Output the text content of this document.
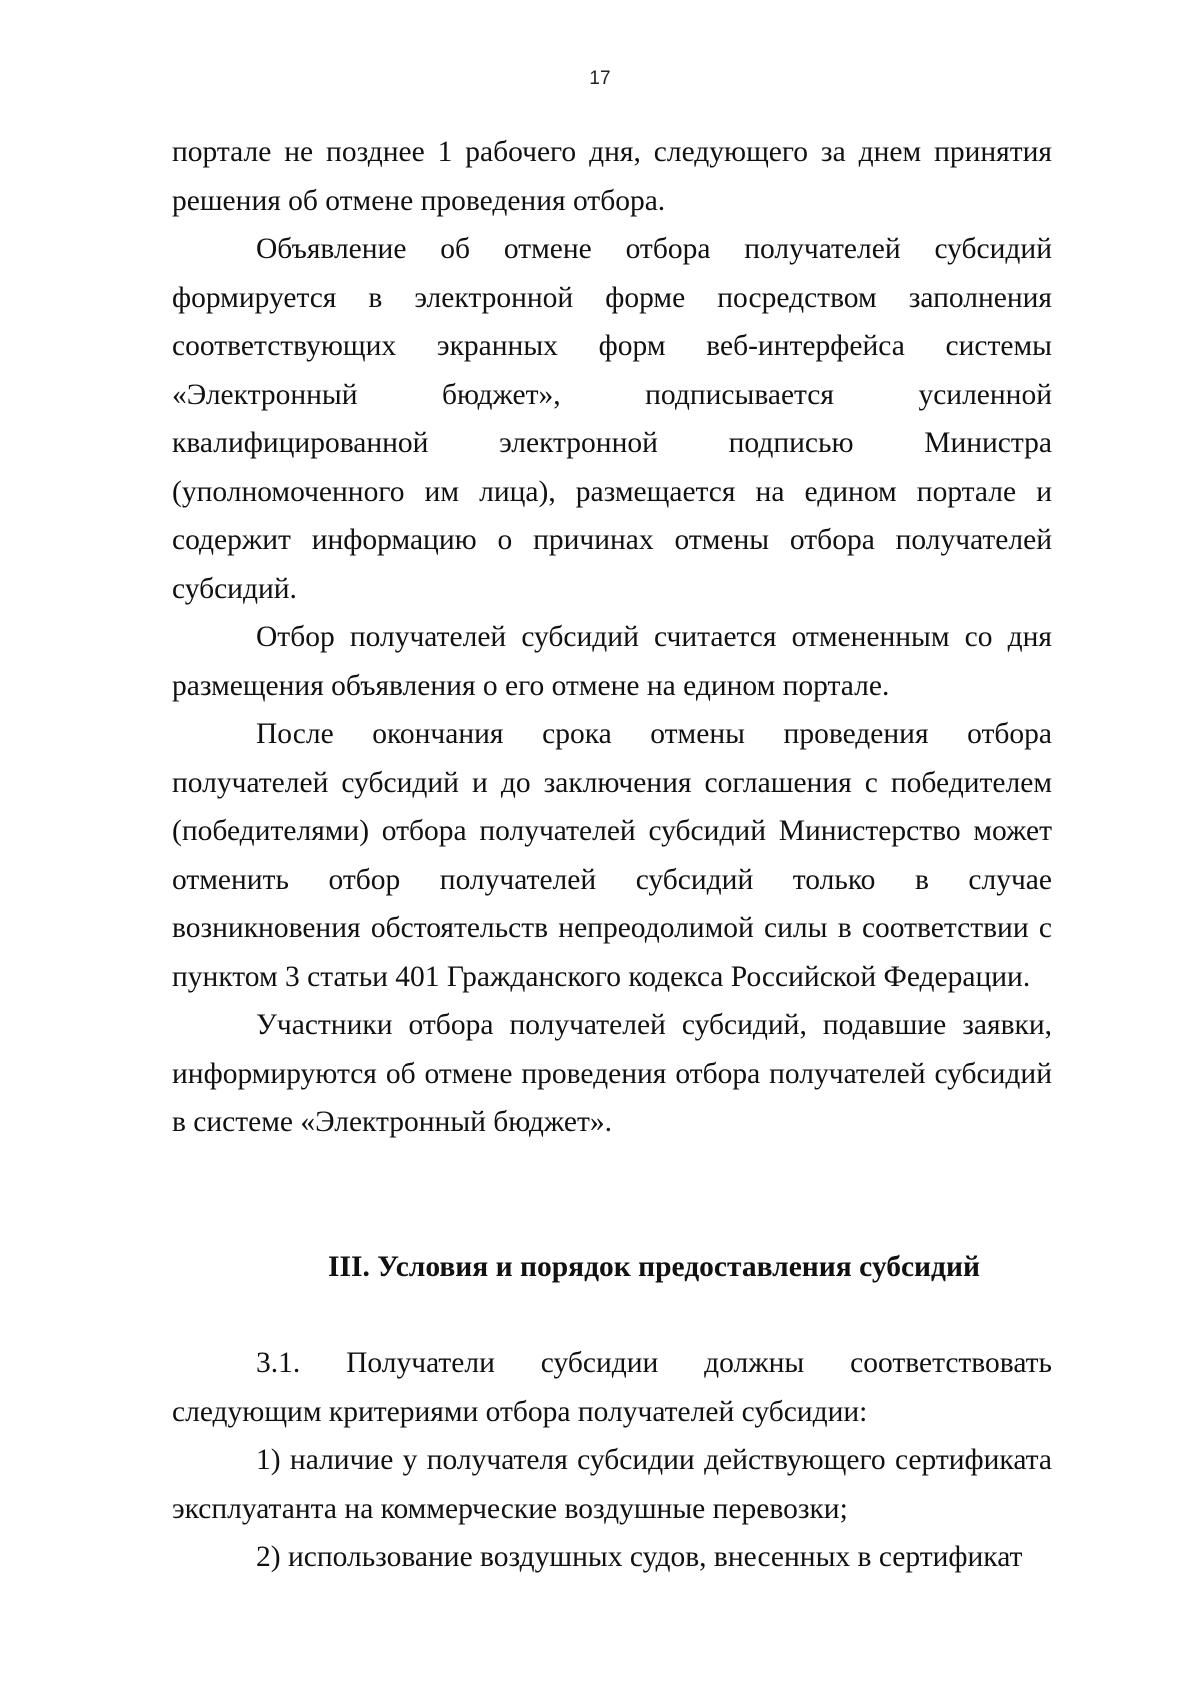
17

порталe не позднее 1 рабочего дня, следующего за днем принятия решения об отмене проведения отбора.

Объявление об отмене отбора получателей субсидий формируется в электронной форме посредством заполнения соответствующих экранных форм веб-интерфейса системы «Электронный бюджет», подписывается усиленной квалифицированной электронной подписью Министра (уполномоченного им лица), размещается на едином портале и содержит информацию о причинах отмены отбора получателей субсидий.

Отбор получателей субсидий считается отмененным со дня размещения объявления о его отмене на едином портале.

После окончания срока отмены проведения отбора получателей субсидий и до заключения соглашения с победителем (победителями) отбора получателей субсидий Министерство может отменить отбор получателей субсидий только в случае возникновения обстоятельств непреодолимой силы в соответствии с пунктом 3 статьи 401 Гражданского кодекса Российской Федерации.

Участники отбора получателей субсидий, подавшие заявки, информируются об отмене проведения отбора получателей субсидий в системе «Электронный бюджет».

III. Условия и порядок предоставления субсидий

3.1. Получатели субсидии должны соответствовать следующим критериями отбора получателей субсидии:

1) наличие у получателя субсидии действующего сертификата эксплуатанта на коммерческие воздушные перевозки;

2) использование воздушных судов, внесенных в сертификат
